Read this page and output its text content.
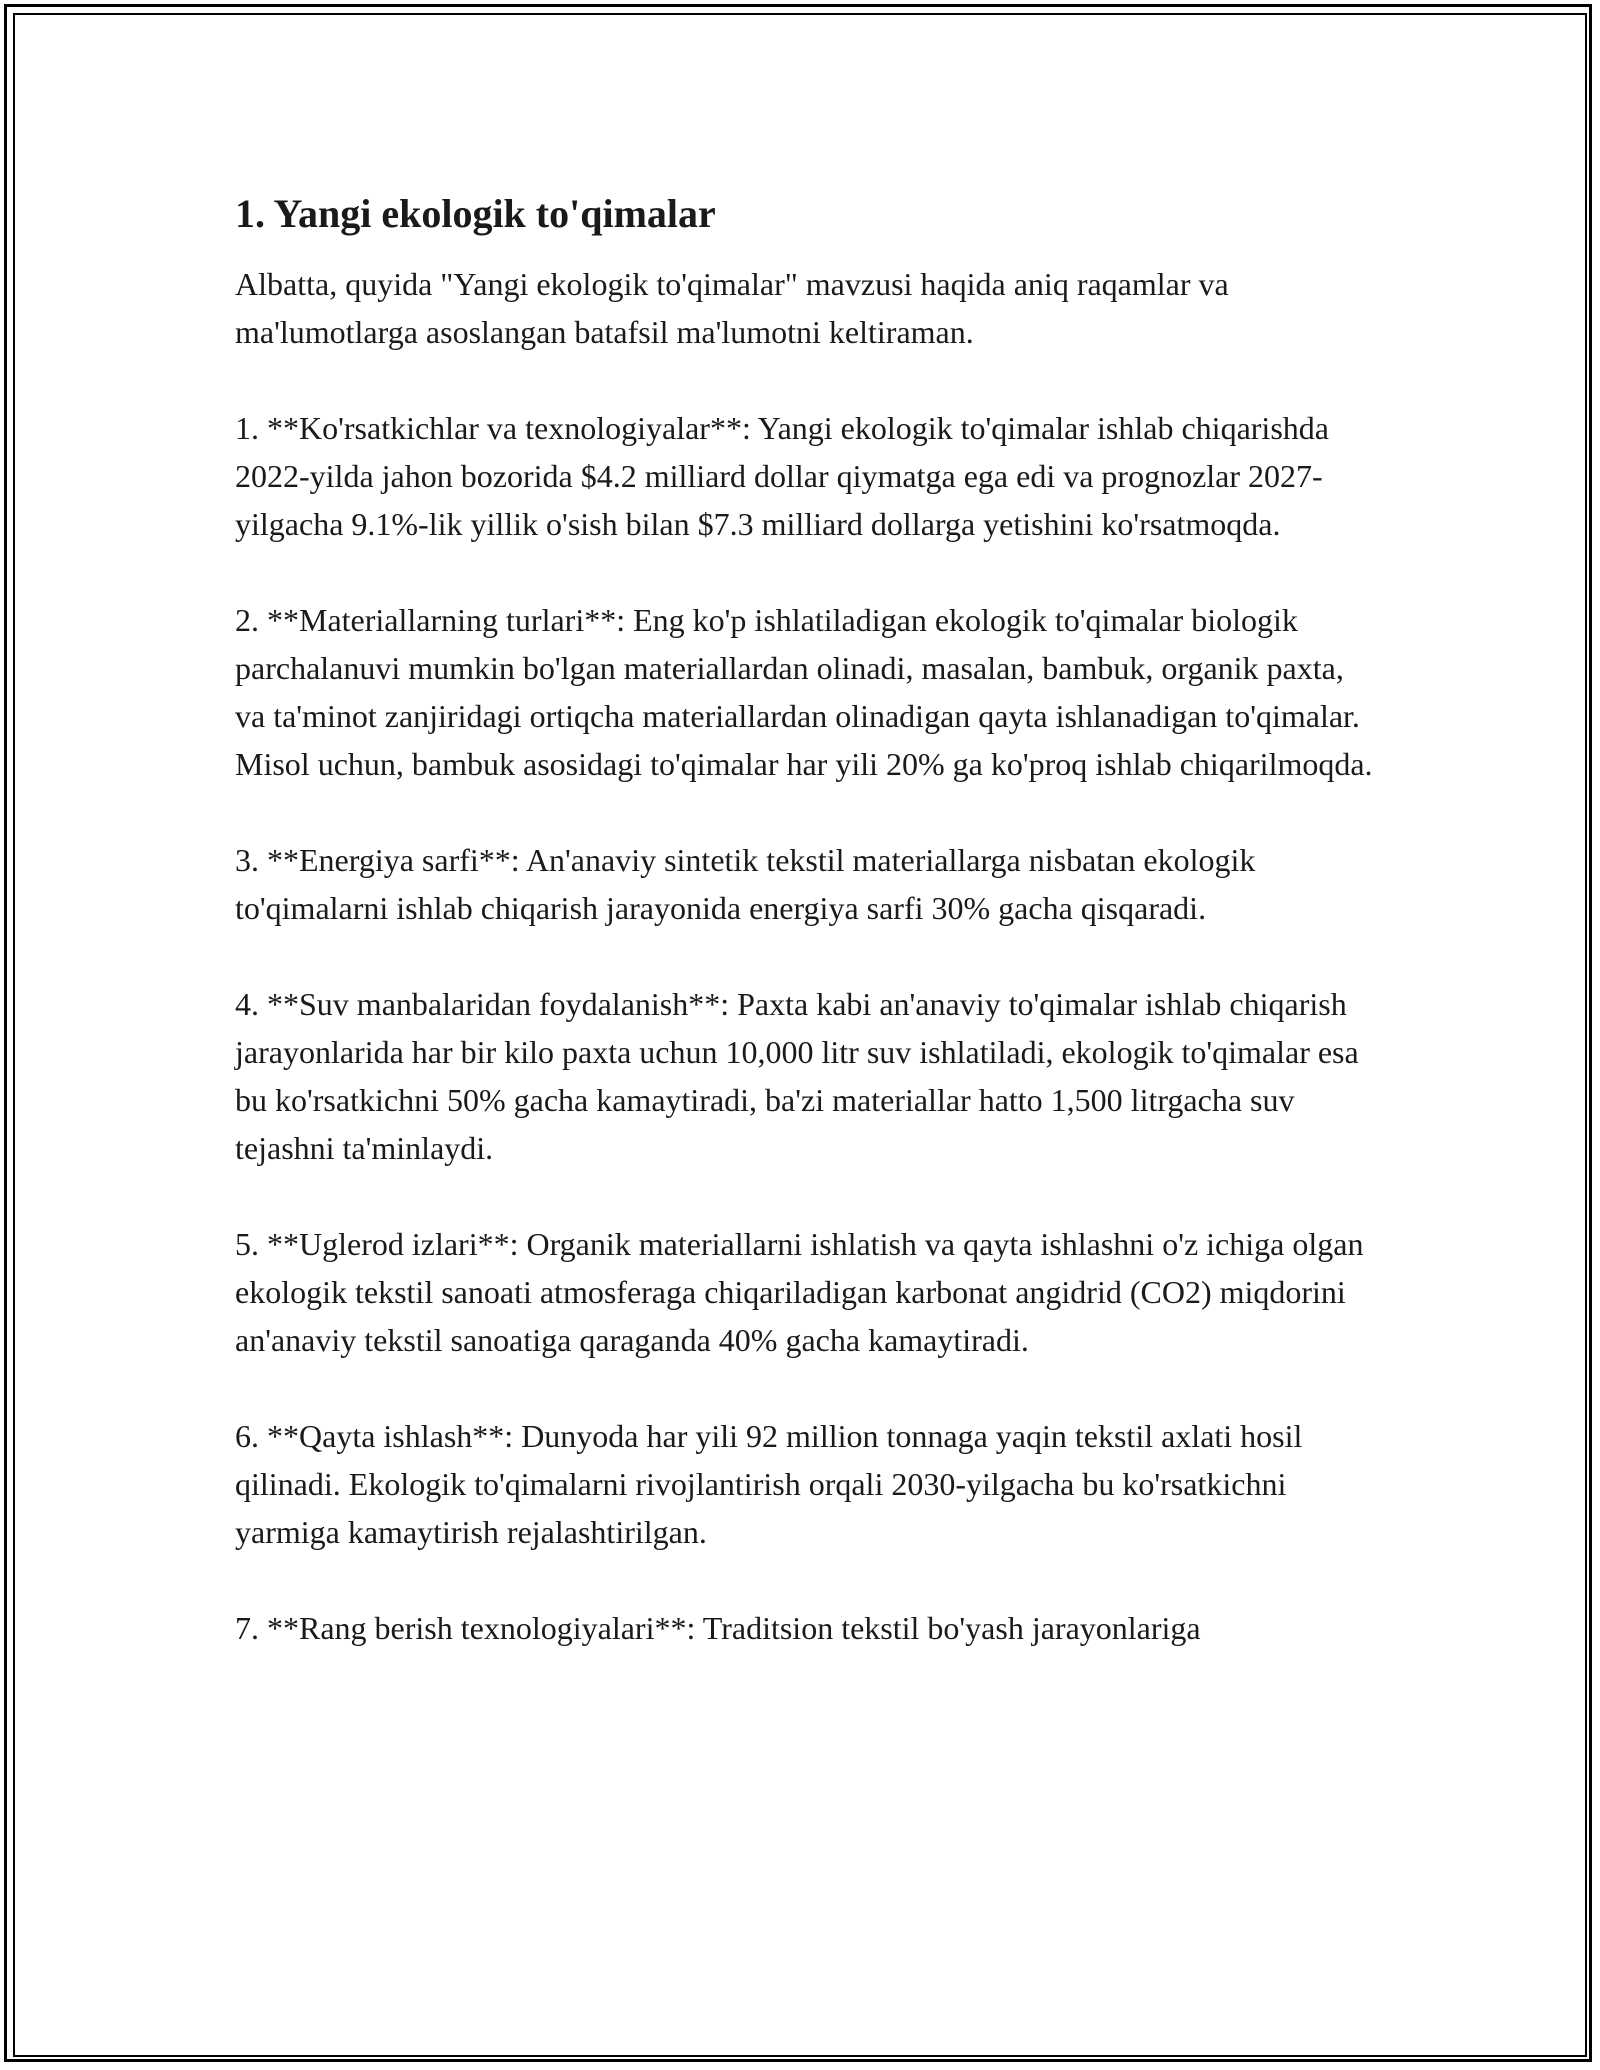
1. Yangi ekologik to'qimalar

Albatta, quyida "Yangi ekologik to'qimalar" mavzusi haqida aniq raqamlar va ma'lumotlarga asoslangan batafsil ma'lumotni keltiraman.

1. **Ko'rsatkichlar va texnologiyalar**: Yangi ekologik to'qimalar ishlab chiqarishda 2022-yilda jahon bozorida $4.2 milliard dollar qiymatga ega edi va prognozlar 2027-yilgacha 9.1%-lik yillik o'sish bilan $7.3 milliard dollarga yetishini ko'rsatmoqda.

2. **Materiallarning turlari**: Eng ko'p ishlatiladigan ekologik to'qimalar biologik parchalanuvi mumkin bo'lgan materiallardan olinadi, masalan, bambuk, organik paxta, va ta'minot zanjiridagi ortiqcha materiallardan olinadigan qayta ishlanadigan to'qimalar. Misol uchun, bambuk asosidagi to'qimalar har yili 20% ga ko'proq ishlab chiqarilmoqda.

3. **Energiya sarfi**: An'anaviy sintetik tekstil materiallarga nisbatan ekologik to'qimalarni ishlab chiqarish jarayonida energiya sarfi 30% gacha qisqaradi.

4. **Suv manbalaridan foydalanish**: Paxta kabi an'anaviy to'qimalar ishlab chiqarish jarayonlarida har bir kilo paxta uchun 10,000 litr suv ishlatiladi, ekologik to'qimalar esa bu ko'rsatkichni 50% gacha kamaytiradi, ba'zi materiallar hatto 1,500 litrgacha suv tejashni ta'minlaydi.

5. **Uglerod izlari**: Organik materiallarni ishlatish va qayta ishlashni o'z ichiga olgan ekologik tekstil sanoati atmosferaga chiqariladigan karbonat angidrid (CO2) miqdorini an'anaviy tekstil sanoatiga qaraganda 40% gacha kamaytiradi.

6. **Qayta ishlash**: Dunyoda har yili 92 million tonnaga yaqin tekstil axlati hosil qilinadi. Ekologik to'qimalarni rivojlantirish orqali 2030-yilgacha bu ko'rsatkichni yarmiga kamaytirish rejalashtirilgan.

7. **Rang berish texnologiyalari**: Traditsion tekstil bo'yash jarayonlariga
